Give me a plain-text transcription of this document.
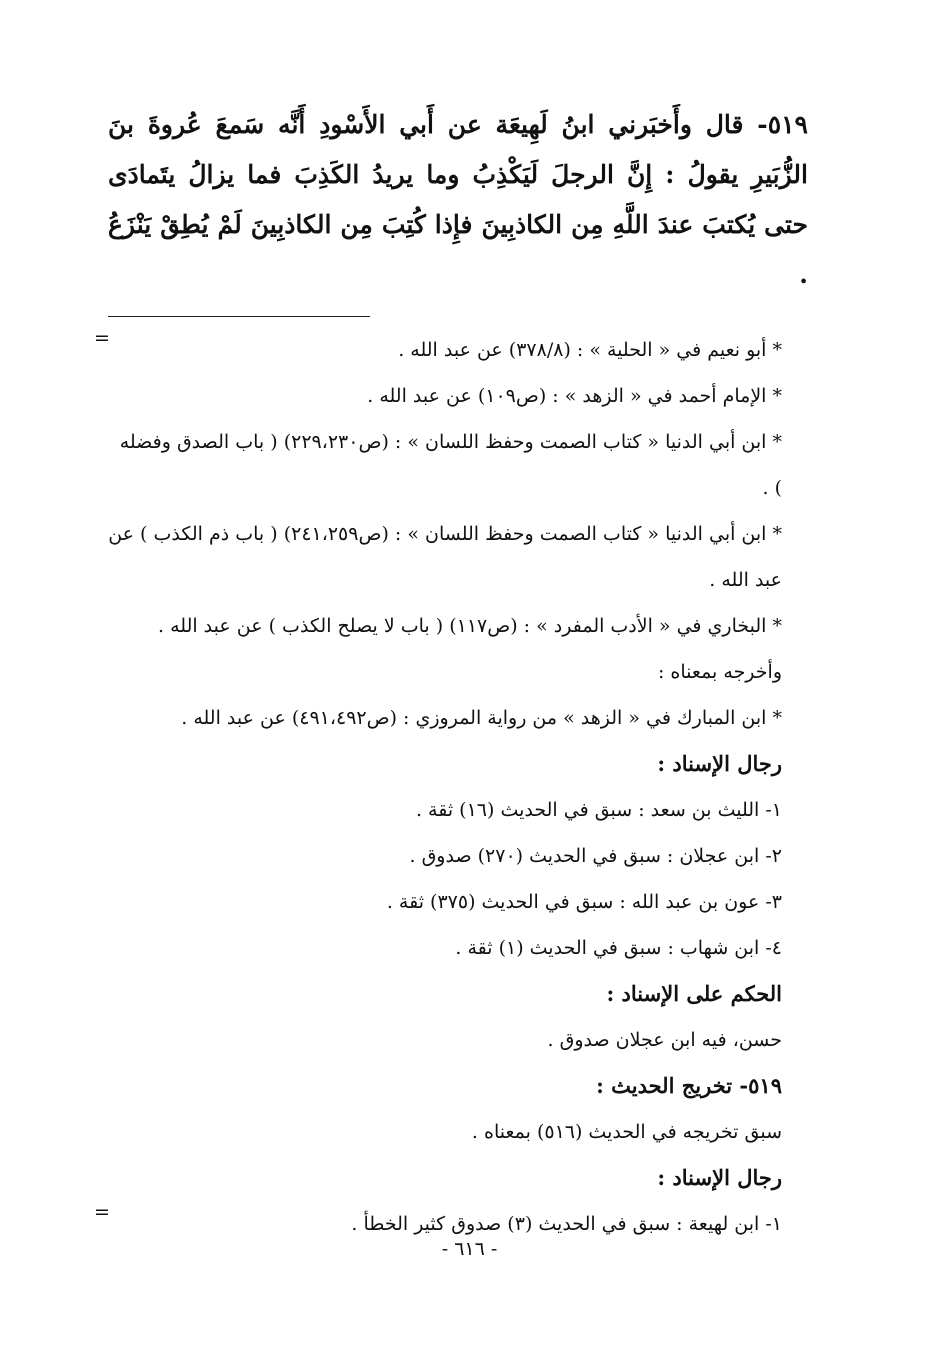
٥١٩- قال وأَخبَرني ابنُ لَهِيعَة عن أَبي الأَسْودِ أَنَّه سَمعَ عُروةَ بنَ الزُّبَيرِ يقولُ : إِنَّ الرجلَ لَيَكْذِبُ وما يريدُ الكَذِبَ فما يزالُ يتَمادَى حتى يُكتبَ عندَ اللَّهِ مِن الكاذبِينَ فإِذا كُتِبَ مِن الكاذبِينَ لَمْ يُطِقْ يَنْزَعُ .
=

* أبو نعيم في « الحلية » : (٣٧٨/٨) عن عبد الله .

* الإمام أحمد في « الزهد » : (ص١٠٩) عن عبد الله .

* ابن أبي الدنيا « كتاب الصمت وحفظ اللسان » : (ص٢٢٩،٢٣٠) ( باب الصدق وفضله ) .

* ابن أبي الدنيا « كتاب الصمت وحفظ اللسان » : (ص٢٤١،٢٥٩) ( باب ذم الكذب ) عن عبد الله .

* البخاري في « الأدب المفرد » : (ص١١٧) ( باب لا يصلح الكذب ) عن عبد الله .

وأخرجه بمعناه :

* ابن المبارك في « الزهد » من رواية المروزي : (ص٤٩١،٤٩٢) عن عبد الله .

رجال الإسناد :

١- الليث بن سعد : سبق في الحديث (١٦) ثقة .

٢- ابن عجلان : سبق في الحديث (٢٧٠) صدوق .

٣- عون بن عبد الله : سبق في الحديث (٣٧٥) ثقة .

٤- ابن شهاب : سبق في الحديث (١) ثقة .

الحكم على الإسناد :

حسن، فيه ابن عجلان صدوق .

٥١٩- تخريج الحديث :

سبق تخريجه في الحديث (٥١٦) بمعناه .

رجال الإسناد :

=

١- ابن لهيعة : سبق في الحديث (٣) صدوق كثير الخطأ .

- ٦١٦ -
